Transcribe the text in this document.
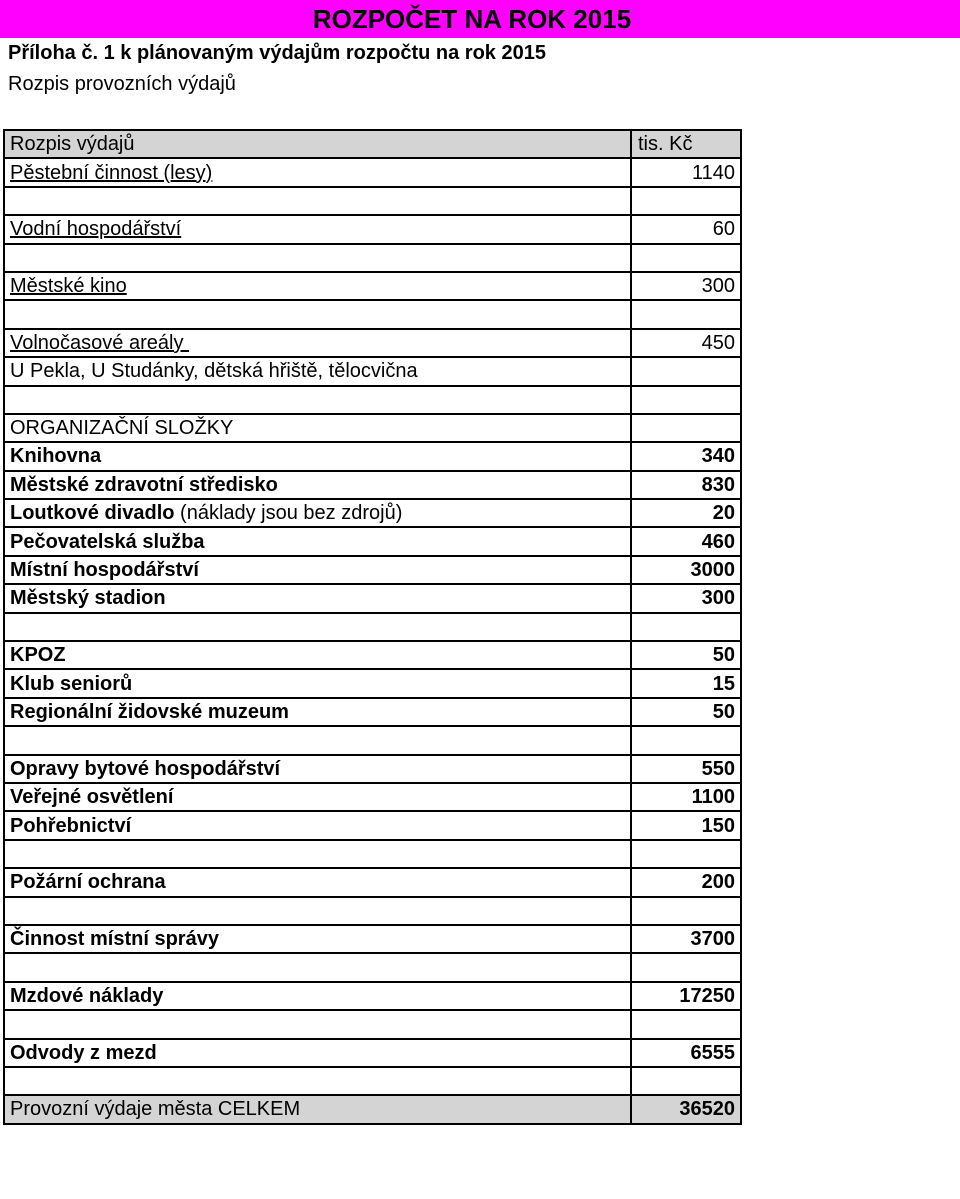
ROZPOČET NA ROK 2015
Příloha č. 1 k plánovaným výdajům rozpočtu na rok 2015
Rozpis provozních výdajů
Rozpis výdajů	tis. Kč
Pěstební činnost (lesy)	1140

Vodní hospodářství	60

Městské kino	300

Volnočasové areály	450
U Pekla, U Studánky, dětská hřiště, tělocvična	

ORGANIZAČNÍ SLOŽKY	
Knihovna	340
Městské zdravotní středisko	830
Loutkové divadlo (náklady jsou bez zdrojů)	20
Pečovatelská služba	460
Místní hospodářství	3000
Městský stadion	300

KPOZ	50
Klub seniorů	15
Regionální židovské muzeum	50

Opravy bytové hospodářství	550
Veřejné osvětlení	1100
Pohřebnictví	150

Požární ochrana	200

Činnost místní správy	3700

Mzdové náklady	17250

Odvody z mezd	6555

Provozní výdaje města CELKEM	36520
